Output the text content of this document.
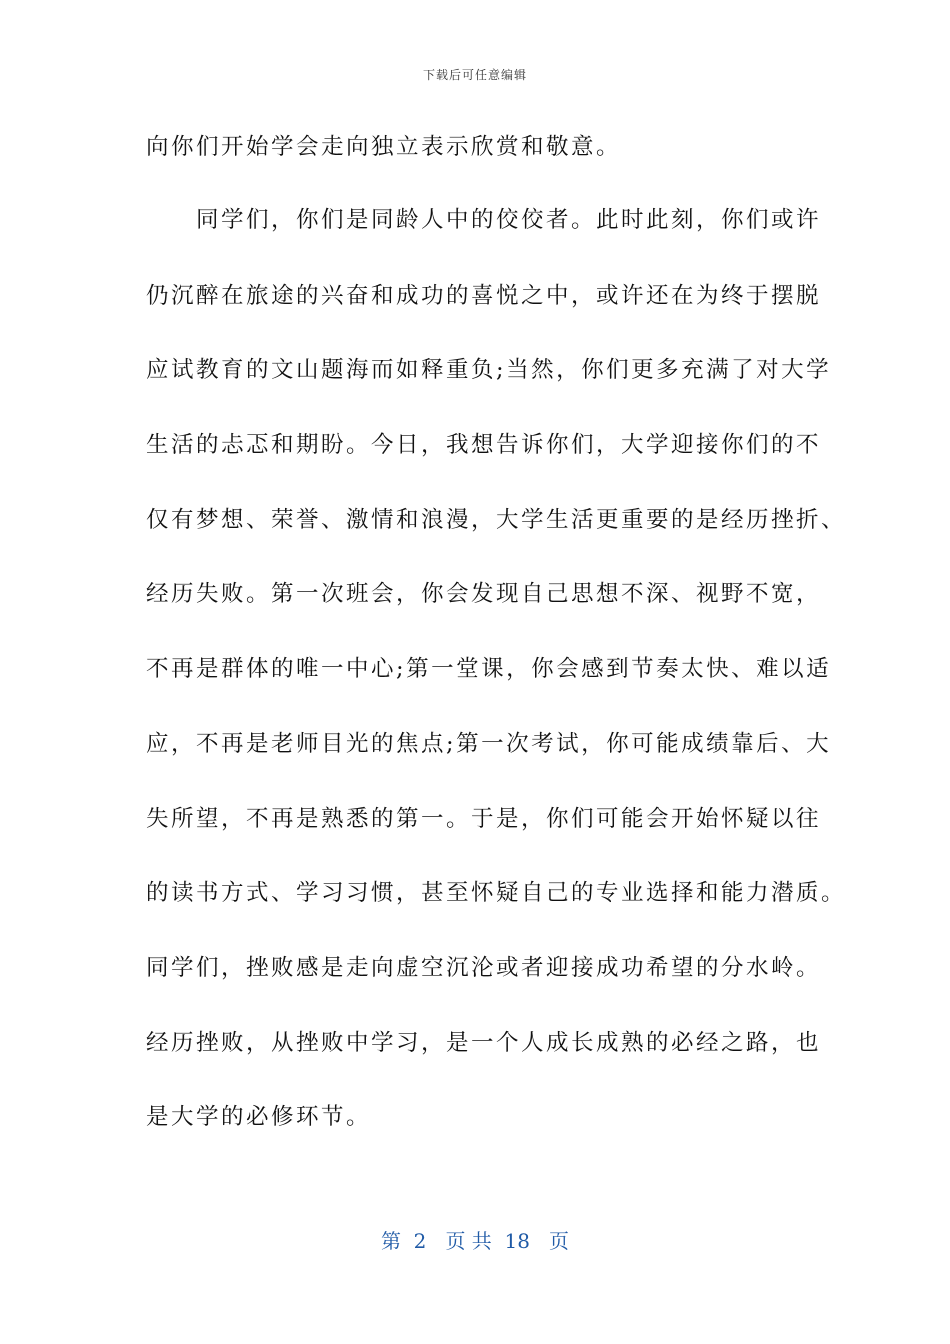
下载后可任意编辑
向你们开始学会走向独立表示欣赏和敬意。
　　同学们，你们是同龄人中的佼佼者。此时此刻，你们或许
仍沉醉在旅途的兴奋和成功的喜悦之中，或许还在为终于摆脱
应试教育的文山题海而如释重负;当然，你们更多充满了对大学
生活的忐忑和期盼。今日，我想告诉你们，大学迎接你们的不
仅有梦想、荣誉、激情和浪漫，大学生活更重要的是经历挫折、
经历失败。第一次班会，你会发现自己思想不深、视野不宽，
不再是群体的唯一中心;第一堂课，你会感到节奏太快、难以适
应，不再是老师目光的焦点;第一次考试，你可能成绩靠后、大
失所望，不再是熟悉的第一。于是，你们可能会开始怀疑以往
的读书方式、学习习惯，甚至怀疑自己的专业选择和能力潜质。
同学们，挫败感是走向虚空沉沦或者迎接成功希望的分水岭。
经历挫败，从挫败中学习，是一个人成长成熟的必经之路，也
是大学的必修环节。
第  2   页 共  18   页
